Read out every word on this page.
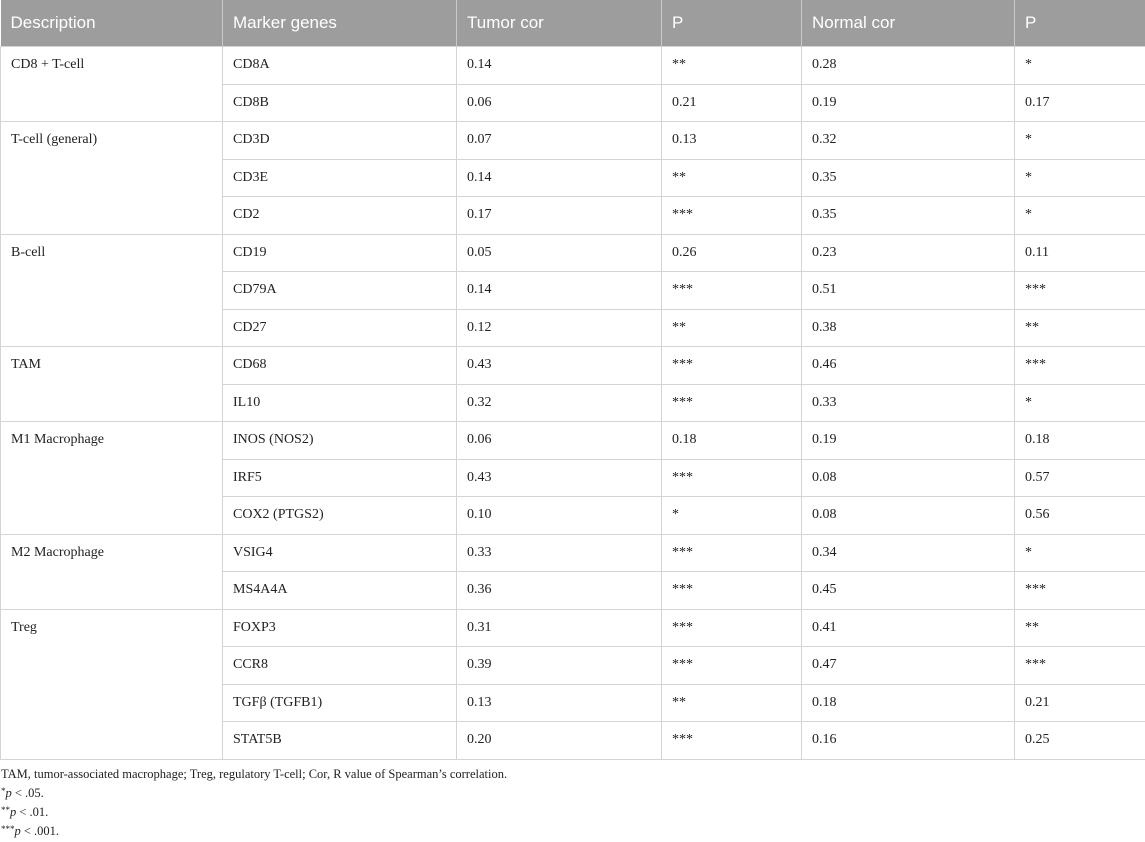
Description	Marker genes	Tumor cor	P	Normal cor	P
CD8 + T-cell	CD8A	0.14	**	0.28	*
	CD8B	0.06	0.21	0.19	0.17
T-cell (general)	CD3D	0.07	0.13	0.32	*
	CD3E	0.14	**	0.35	*
	CD2	0.17	***	0.35	*
B-cell	CD19	0.05	0.26	0.23	0.11
	CD79A	0.14	***	0.51	***
	CD27	0.12	**	0.38	**
TAM	CD68	0.43	***	0.46	***
	IL10	0.32	***	0.33	*
M1 Macrophage	INOS (NOS2)	0.06	0.18	0.19	0.18
	IRF5	0.43	***	0.08	0.57
	COX2 (PTGS2)	0.10	*	0.08	0.56
M2 Macrophage	VSIG4	0.33	***	0.34	*
	MS4A4A	0.36	***	0.45	***
Treg	FOXP3	0.31	***	0.41	**
	CCR8	0.39	***	0.47	***
	TGFβ (TGFB1)	0.13	**	0.18	0.21
	STAT5B	0.20	***	0.16	0.25
TAM, tumor-associated macrophage; Treg, regulatory T-cell; Cor, R value of Spearman’s correlation.
*p < .05.
**p < .01.
***p < .001.
